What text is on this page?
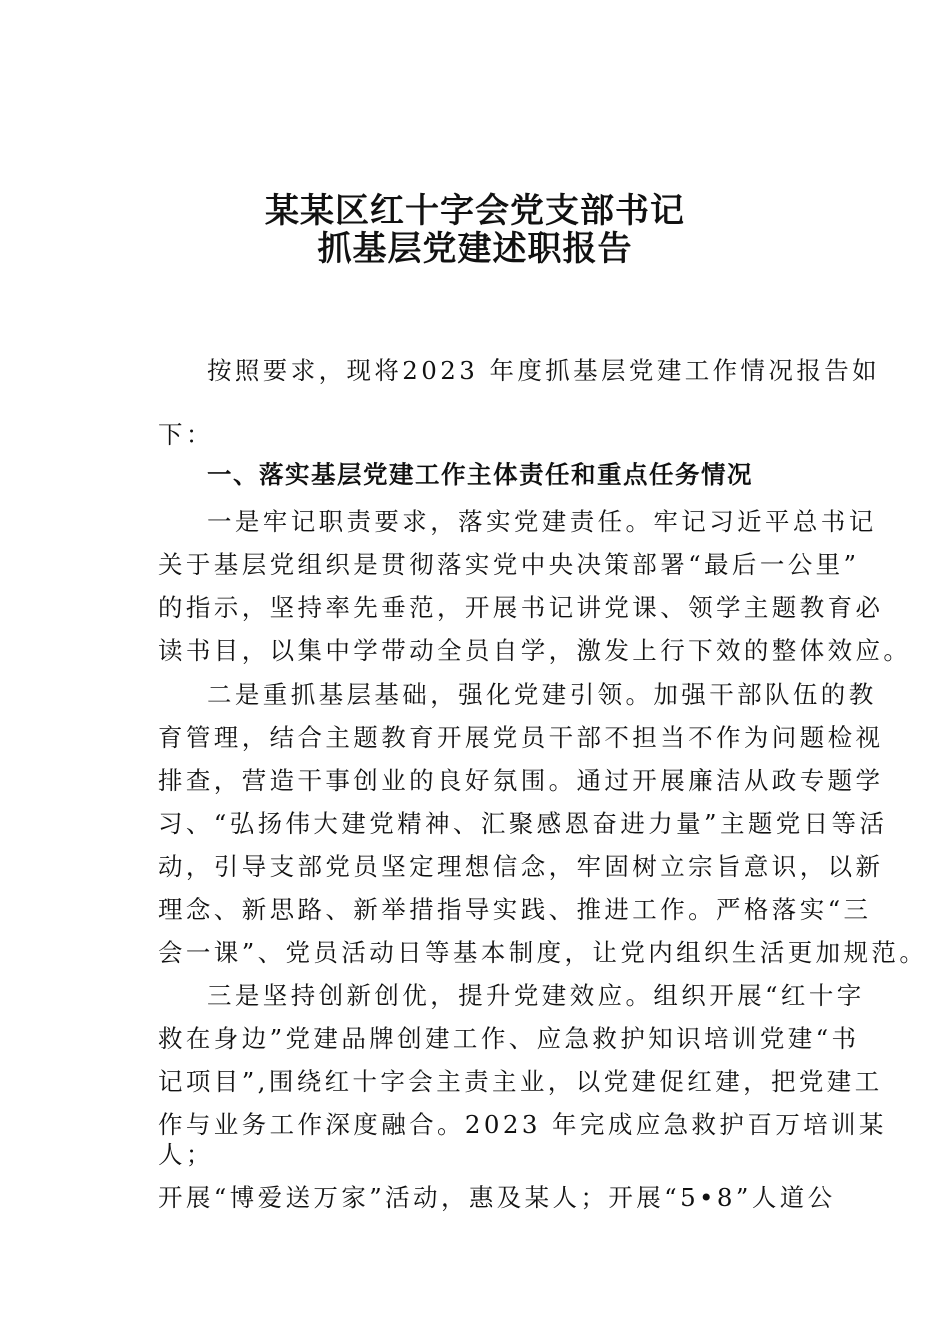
某某区红十字会党支部书记
抓基层党建述职报告

按照要求，现将2023 年度抓基层党建工作情况报告如

下：

一、落实基层党建工作主体责任和重点任务情况

一是牢记职责要求，落实党建责任。牢记习近平总书记

关于基层党组织是贯彻落实党中央决策部署“最后一公里”

的指示，坚持率先垂范，开展书记讲党课、领学主题教育必

读书目，以集中学带动全员自学，激发上行下效的整体效应。

二是重抓基层基础，强化党建引领。加强干部队伍的教

育管理，结合主题教育开展党员干部不担当不作为问题检视

排查，营造干事创业的良好氛围。通过开展廉洁从政专题学

习、“弘扬伟大建党精神、汇聚感恩奋进力量”主题党日等活

动，引导支部党员坚定理想信念，牢固树立宗旨意识，以新

理念、新思路、新举措指导实践、推进工作。严格落实“三

会一课”、党员活动日等基本制度，让党内组织生活更加规范。

三是坚持创新创优，提升党建效应。组织开展“红十字

救在身边”党建品牌创建工作、应急救护知识培训党建“书

记项目”,围绕红十字会主责主业，以党建促红建，把党建工

作与业务工作深度融合。2023 年完成应急救护百万培训某

人；

开展“博爱送万家”活动，惠及某人；开展“5•8”人道公
